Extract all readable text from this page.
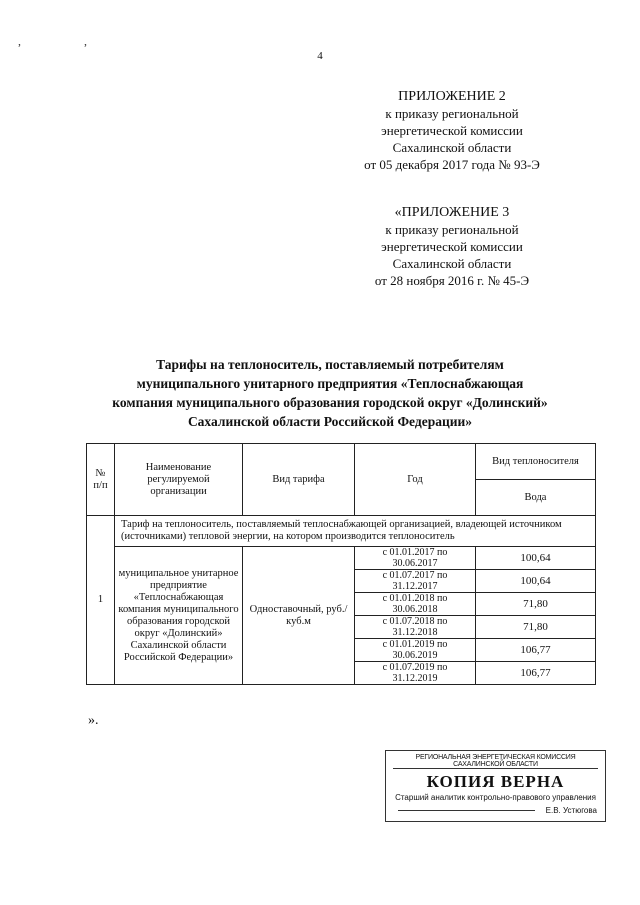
, ,
4
ПРИЛОЖЕНИЕ 2
к приказу региональной
энергетической комиссии
Сахалинской области
от 05 декабря 2017 года № 93-Э
«ПРИЛОЖЕНИЕ 3
к приказу региональной
энергетической комиссии
Сахалинской области
от 28 ноября 2016 г. № 45-Э
Тарифы на теплоноситель, поставляемый потребителям
муниципального унитарного предприятия «Теплоснабжающая
компания муниципального образования городской округ «Долинский»
Сахалинской области Российской Федерации»
№ п/п	Наименование регулируемой организации	Вид тарифа	Год	Вид теплоносителя
				Вода
1	Тариф на теплоноситель, поставляемый теплоснабжающей организацией, владеющей источником (источниками) тепловой энергии, на котором производится теплоноситель			
	муниципальное унитарное предприятие «Теплоснабжающая компания муниципального образования городской округ «Долинский» Сахалинской области Российской Федерации»	Одноставочный, руб./куб.м	с 01.01.2017 по
30.06.2017	100,64

			с 01.07.2017 по
31.12.2017	100,64

			с 01.01.2018 по
30.06.2018	71,80

			с 01.07.2018 по
31.12.2018	71,80

			с 01.01.2019 по
30.06.2019	106,77

			с 01.07.2019 по
31.12.2019	106,77
».
РЕГИОНАЛЬНАЯ ЭНЕРГЕТИЧЕСКАЯ КОМИССИЯ САХАЛИНСКОЙ ОБЛАСТИ
КОПИЯ ВЕРНА
Старший аналитик контрольно-правового управления
Е.В. Устюгова
